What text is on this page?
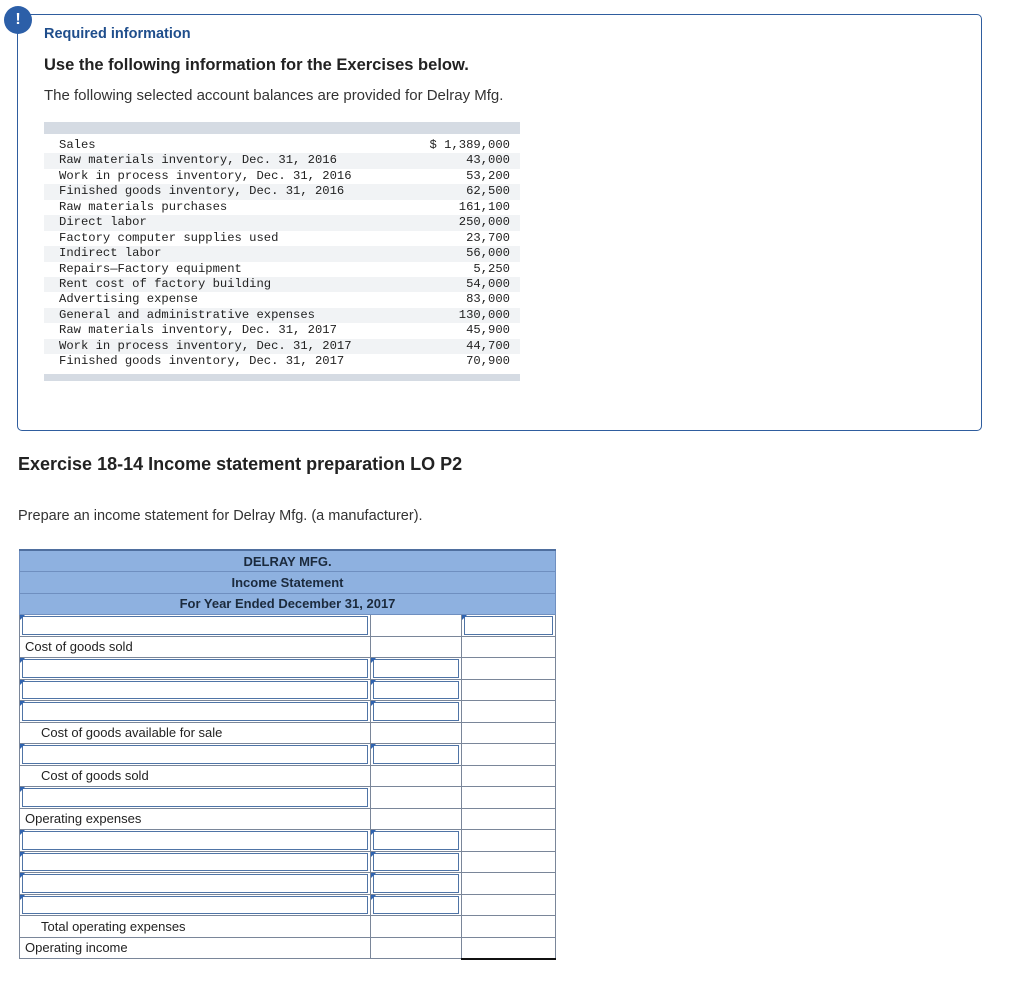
!
Required information
Use the following information for the Exercises below.
The following selected account balances are provided for Delray Mfg.
Sales	$ 1,389,000
Raw materials inventory, Dec. 31, 2016	43,000
Work in process inventory, Dec. 31, 2016	53,200
Finished goods inventory, Dec. 31, 2016	62,500
Raw materials purchases	161,100
Direct labor	250,000
Factory computer supplies used	23,700
Indirect labor	56,000
Repairs—Factory equipment	5,250
Rent cost of factory building	54,000
Advertising expense	83,000
General and administrative expenses	130,000
Raw materials inventory, Dec. 31, 2017	45,900
Work in process inventory, Dec. 31, 2017	44,700
Finished goods inventory, Dec. 31, 2017	70,900
Exercise 18-14 Income statement preparation LO P2
Prepare an income statement for Delray Mfg. (a manufacturer).
DELRAY MFG.		
Income Statement		
For Year Ended December 31, 2017		

Cost of goods sold		

Cost of goods available for sale		

Cost of goods sold		

Operating expenses		

Total operating expenses		
Operating income		
